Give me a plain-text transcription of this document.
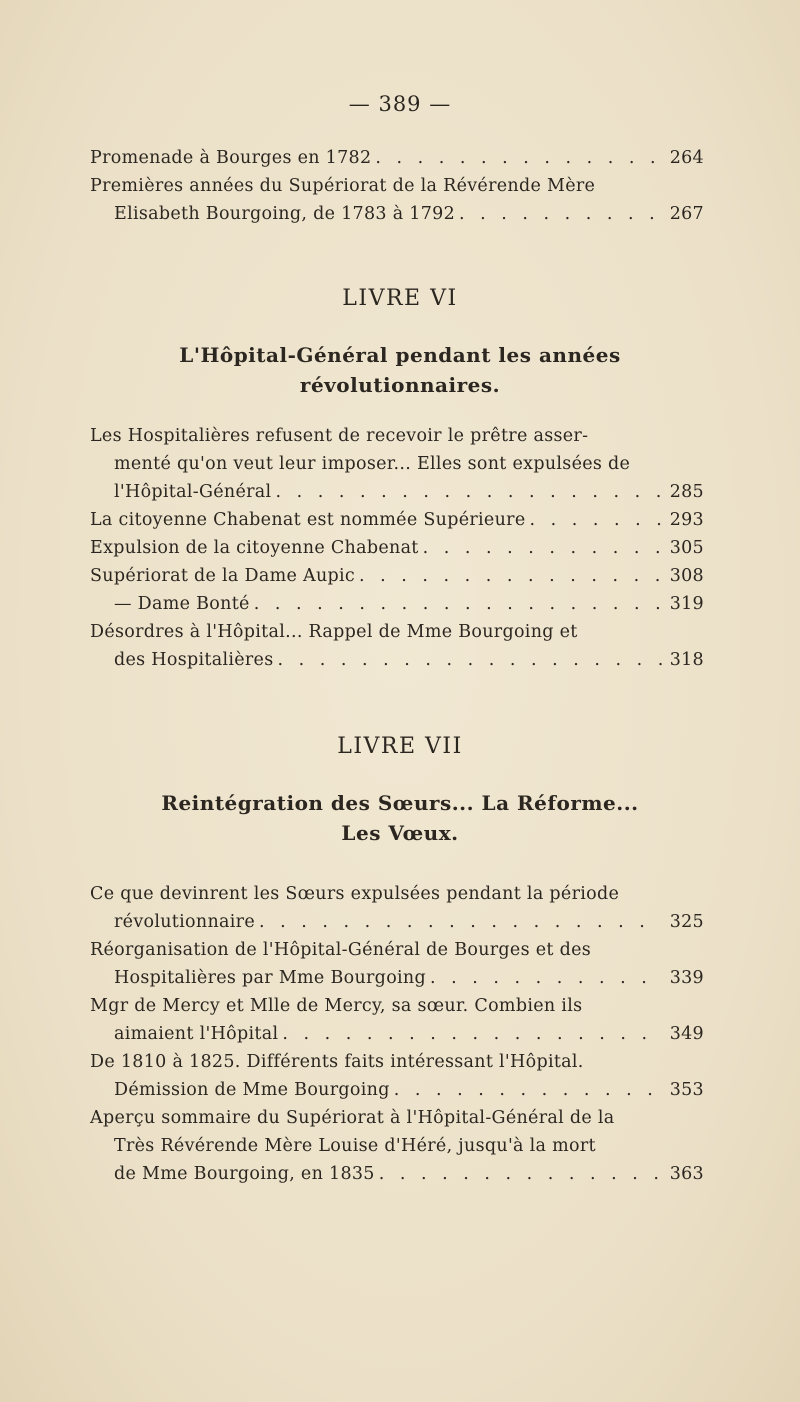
— 389 —
Promenade à Bourges en 1782 . . .	264
Premières années du Supériorat de la Révérende Mère
Elisabeth Bourgoing, de 1783 à 1792 . . .	267
LIVRE VI
L'Hôpital-Général pendant les années
révolutionnaires.
Les Hospitalières refusent de recevoir le prêtre asser-
menté qu'on veut leur imposer... Elles sont expulsées de
l'Hôpital-Général . . .	285
La citoyenne Chabenat est nommée Supérieure . . .	293
Expulsion de la citoyenne Chabenat . . .	305
Supériorat de la Dame Aupic . . .	308
— Dame Bonté . . .	319
Désordres à l'Hôpital... Rappel de Mme Bourgoing et
des Hospitalières . . .	318
LIVRE VII
Reintégration des Sœurs... La Réforme...
Les Vœux.
Ce que devinrent les Sœurs expulsées pendant la période
révolutionnaire . . .	325
Réorganisation de l'Hôpital-Général de Bourges et des
Hospitalières par Mme Bourgoing . . .	339
Mgr de Mercy et Mlle de Mercy, sa sœur. Combien ils
aimaient l'Hôpital . . .	349
De 1810 à 1825. Différents faits intéressant l'Hôpital.
Démission de Mme Bourgoing . . .	353
Aperçu sommaire du Supériorat à l'Hôpital-Général de la
Très Révérende Mère Louise d'Héré, jusqu'à la mort
de Mme Bourgoing, en 1835 . . .	363
